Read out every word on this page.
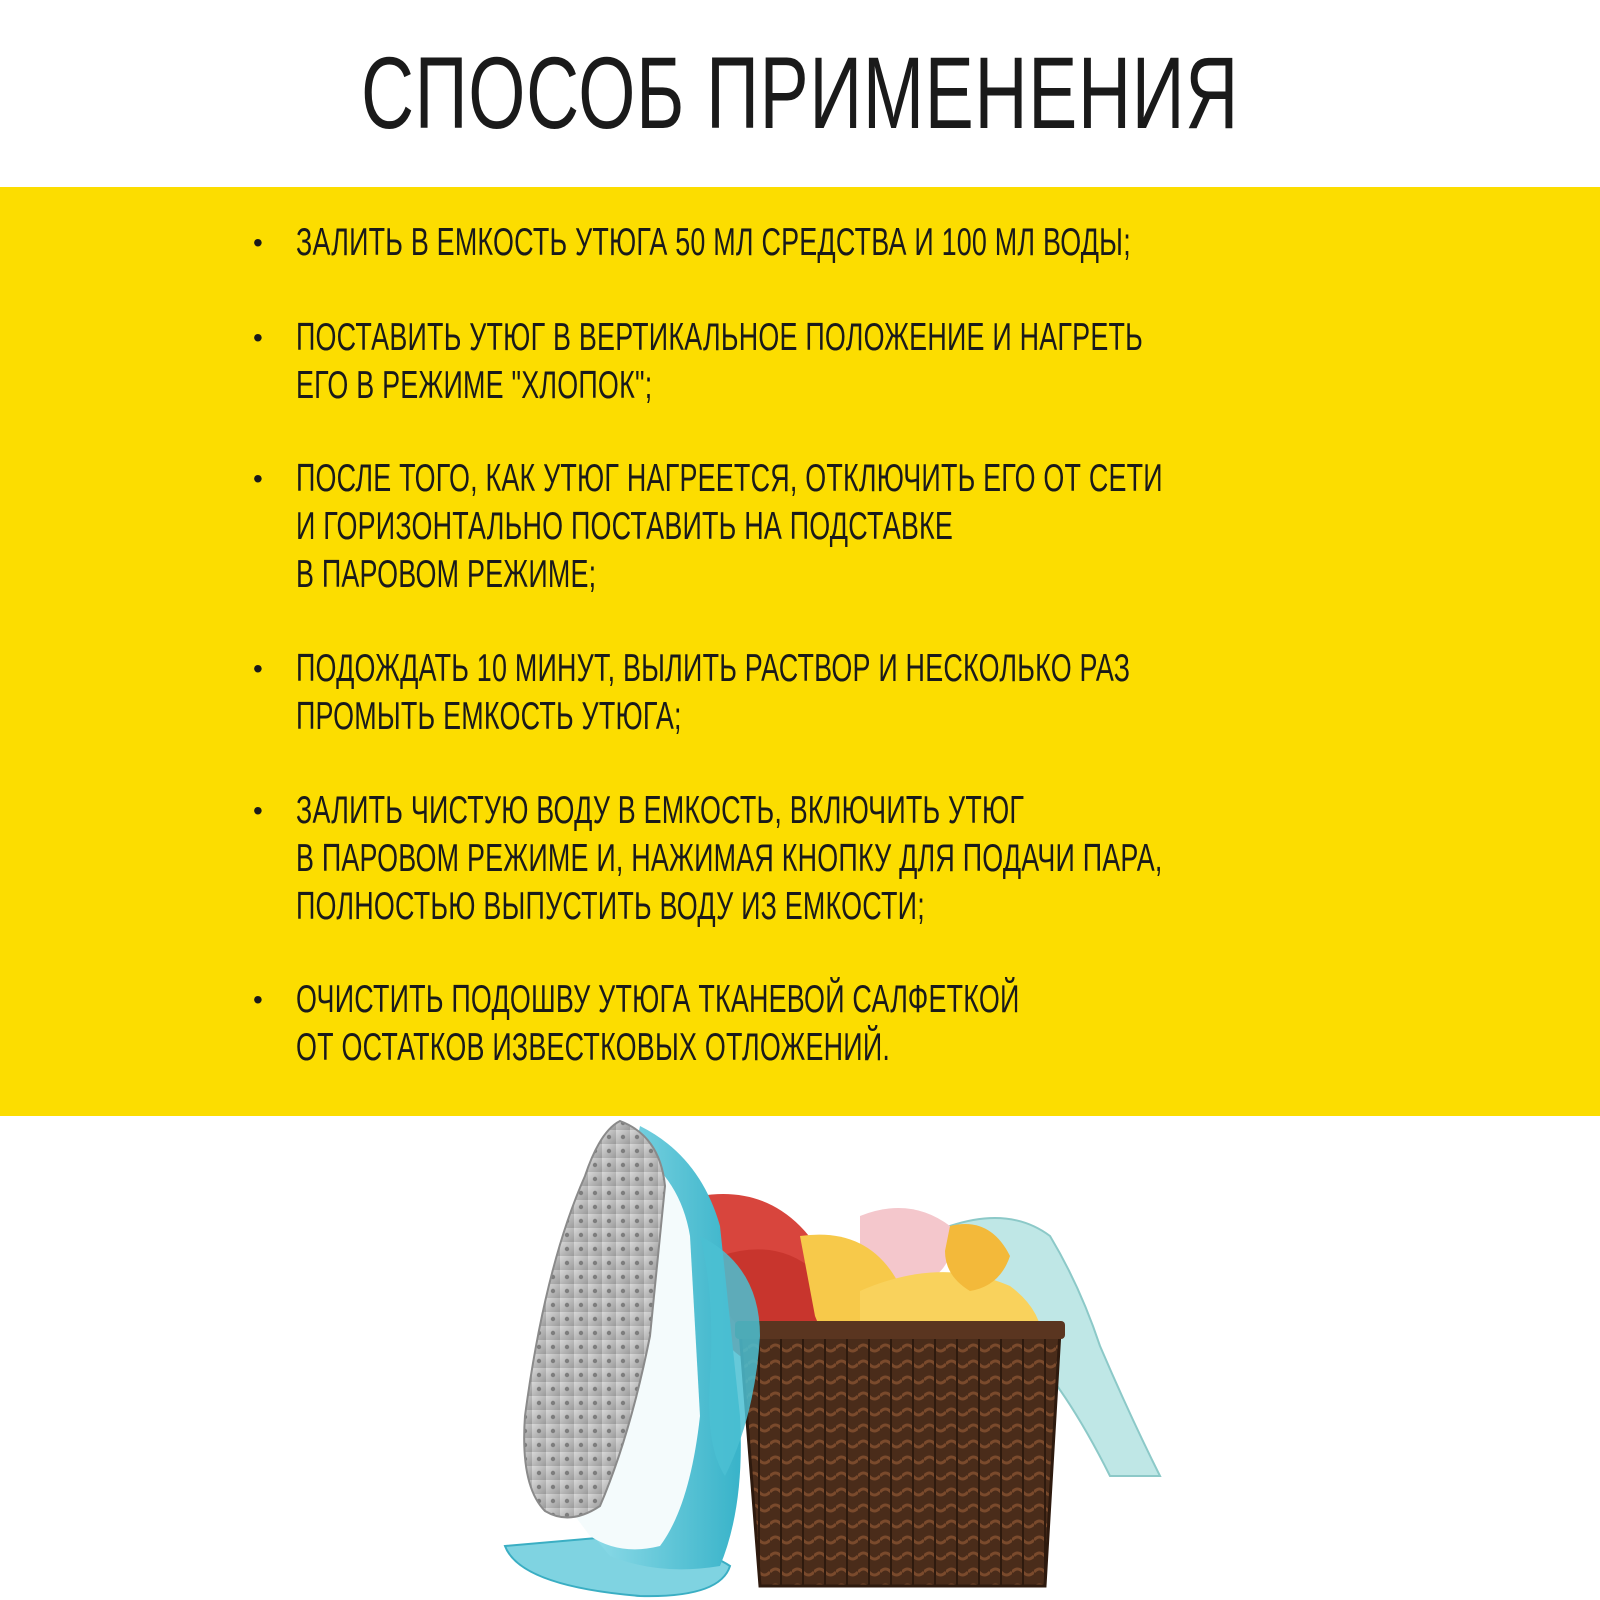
СПОСОБ ПРИМЕНЕНИЯ
• ЗАЛИТЬ В ЕМКОСТЬ УТЮГА 50 МЛ СРЕДСТВА И 100 МЛ ВОДЫ;
• ПОСТАВИТЬ УТЮГ В ВЕРТИКАЛЬНОЕ ПОЛОЖЕНИЕ И НАГРЕТЬ
ЕГО В РЕЖИМЕ "ХЛОПОК";
• ПОСЛЕ ТОГО, КАК УТЮГ НАГРЕЕТСЯ, ОТКЛЮЧИТЬ ЕГО ОТ СЕТИ
И ГОРИЗОНТАЛЬНО ПОСТАВИТЬ НА ПОДСТАВКЕ
В ПАРОВОМ РЕЖИМЕ;
• ПОДОЖДАТЬ 10 МИНУТ, ВЫЛИТЬ РАСТВОР И НЕСКОЛЬКО РАЗ
ПРОМЫТЬ ЕМКОСТЬ УТЮГА;
• ЗАЛИТЬ ЧИСТУЮ ВОДУ В ЕМКОСТЬ, ВКЛЮЧИТЬ УТЮГ
В ПАРОВОМ РЕЖИМЕ И, НАЖИМАЯ КНОПКУ ДЛЯ ПОДАЧИ ПАРА,
ПОЛНОСТЬЮ ВЫПУСТИТЬ ВОДУ ИЗ ЕМКОСТИ;
• ОЧИСТИТЬ ПОДОШВУ УТЮГА ТКАНЕВОЙ САЛФЕТКОЙ
ОТ ОСТАТКОВ ИЗВЕСТКОВЫХ ОТЛОЖЕНИЙ.
